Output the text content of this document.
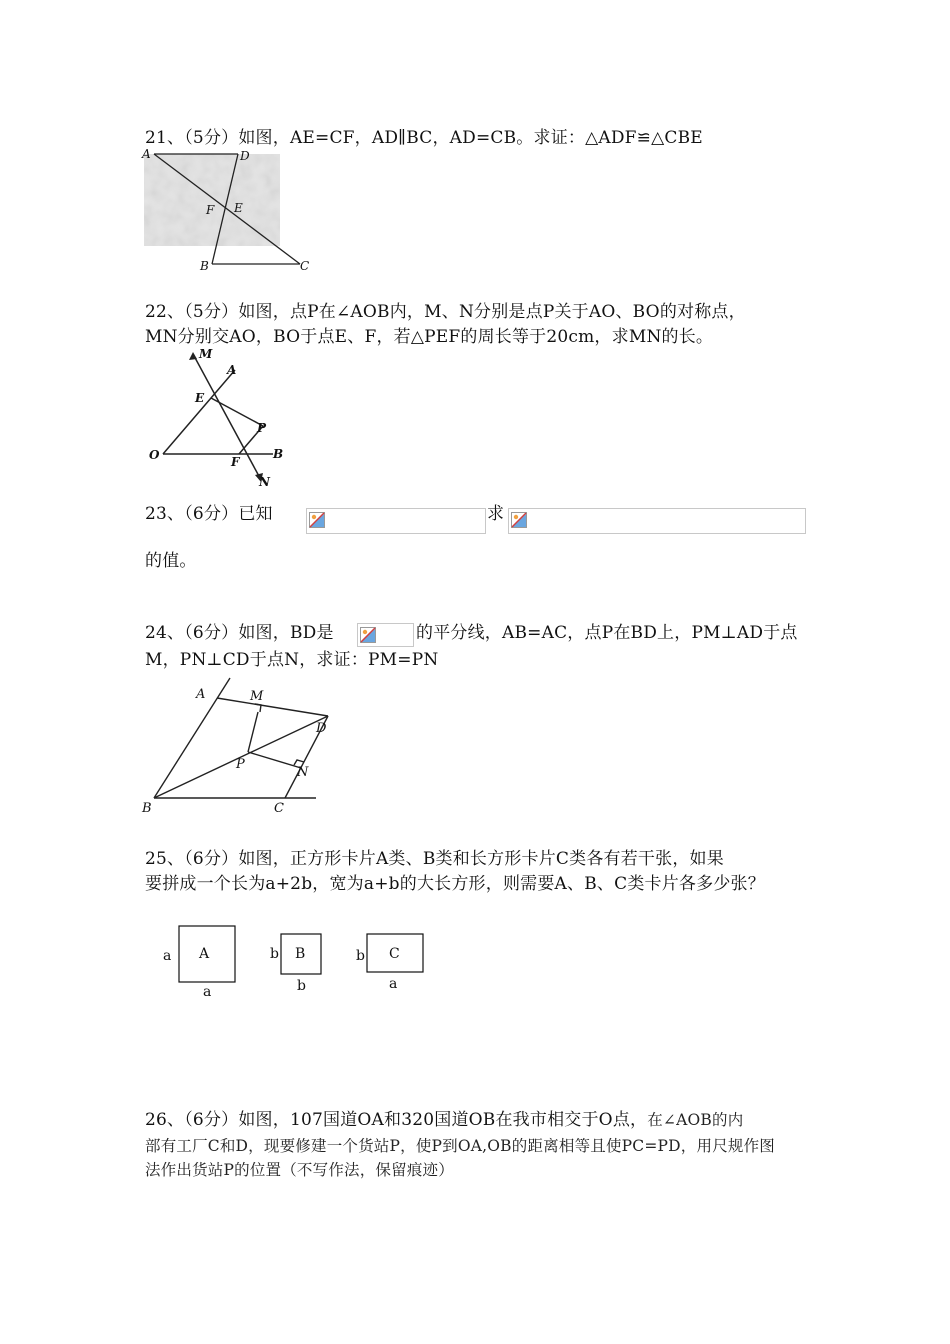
21、（5分）如图，AE=CF，AD∥BC，AD=CB。求证：△ADF≌△CBE
A	D
F E
B	C
22、（5分）如图，点P在∠AOB内，M、N分别是点P关于AO、BO的对称点，
MN分别交AO，BO于点E、F，若△PEF的周长等于20cm，求MN的长。
M
A
E
P
O	F
B
N
23、（6分）已知	求
的值。
24、（6分）如图，BD是	的平分线，AB=AC，点P在BD上，PM⊥AD于点
M，PN⊥CD于点N，求证：PM=PN
A	M
D
P
N
B	C
25、（6分）如图，正方形卡片A类、B类和长方形卡片C类各有若干张，如果
要拼成一个长为a+2b，宽为a+b的大长方形，则需要A、B、C类卡片各多少张？
A
a
a
B
b
b
C
b
a
26、（6分）如图，107国道OA和320国道OB在我市相交于O点，在∠AOB的内
部有工厂C和D，现要修建一个货站P，使P到OA,OB的距离相等且使PC=PD，用尺规作图
法作出货站P的位置（不写作法，保留痕迹）
